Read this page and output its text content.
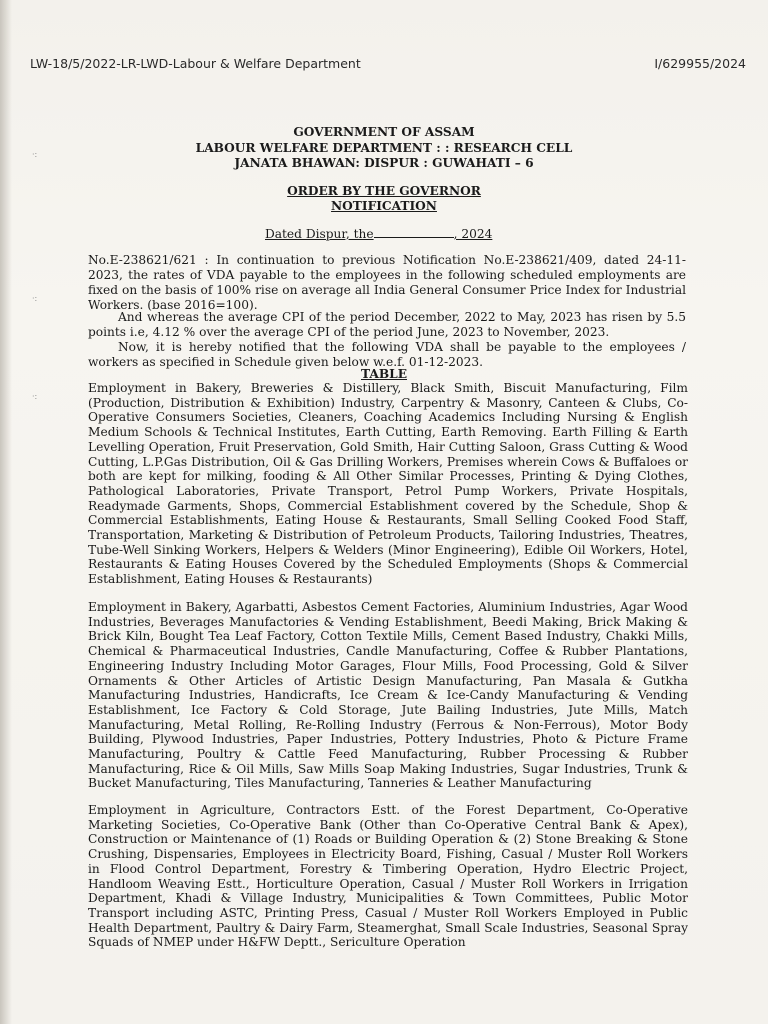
·:
·:
·:
LW-18/5/2022-LR-LWD-Labour & Welfare Department	I/629955/2024
GOVERNMENT OF ASSAM
LABOUR WELFARE DEPARTMENT : : RESEARCH CELL
JANATA BHAWAN: DISPUR : GUWAHATI – 6
ORDER BY THE GOVERNOR
NOTIFICATION
Dated Dispur, the	, 2024
No.E-238621/621 : In continuation to previous Notification No.E-238621/409, dated 24-11-2023, the rates of VDA payable to the employees in the following scheduled employments are fixed on the basis of 100% rise on average all India General Consumer Price Index for Industrial Workers. (base 2016=100).
And whereas the average CPI of the period December, 2022 to May, 2023 has risen by 5.5 points i.e, 4.12 % over the average CPI of the period June, 2023 to November, 2023.
Now, it is hereby notified that the following VDA shall be payable to the employees / workers as specified in Schedule given below w.e.f. 01-12-2023.
TABLE
Employment in Bakery, Breweries & Distillery, Black Smith, Biscuit Manufacturing, Film (Production, Distribution & Exhibition) Industry, Carpentry & Masonry, Canteen & Clubs, Co-Operative Consumers Societies, Cleaners, Coaching Academics Including Nursing & English Medium Schools & Technical Institutes, Earth Cutting, Earth Removing. Earth Filling & Earth Levelling Operation, Fruit Preservation, Gold Smith, Hair Cutting Saloon, Grass Cutting & Wood Cutting, L.P.Gas Distribution, Oil & Gas Drilling Workers, Premises wherein Cows & Buffaloes or both are kept for milking, fooding & All Other Similar Processes, Printing & Dying Clothes, Pathological Laboratories, Private Transport, Petrol Pump Workers, Private Hospitals, Readymade Garments, Shops, Commercial Establishment covered by the Schedule, Shop & Commercial Establishments, Eating House & Restaurants, Small Selling Cooked Food Staff, Transportation, Marketing & Distribution of Petroleum Products, Tailoring Industries, Theatres, Tube-Well Sinking Workers, Helpers & Welders (Minor Engineering), Edible Oil Workers, Hotel, Restaurants & Eating Houses Covered by the Scheduled Employments (Shops & Commercial Establishment, Eating Houses & Restaurants)
Employment in Bakery, Agarbatti, Asbestos Cement Factories, Aluminium Industries, Agar Wood Industries, Beverages Manufactories & Vending Establishment, Beedi Making, Brick Making & Brick Kiln, Bought Tea Leaf Factory, Cotton Textile Mills, Cement Based Industry, Chakki Mills, Chemical & Pharmaceutical Industries, Candle Manufacturing, Coffee & Rubber Plantations, Engineering Industry Including Motor Garages, Flour Mills, Food Processing, Gold & Silver Ornaments & Other Articles of Artistic Design Manufacturing, Pan Masala & Gutkha Manufacturing Industries, Handicrafts, Ice Cream & Ice-Candy Manufacturing & Vending Establishment, Ice Factory & Cold Storage, Jute Bailing Industries, Jute Mills, Match Manufacturing, Metal Rolling, Re-Rolling Industry (Ferrous & Non-Ferrous), Motor Body Building, Plywood Industries, Paper Industries, Pottery Industries, Photo & Picture Frame Manufacturing, Poultry & Cattle Feed Manufacturing, Rubber Processing & Rubber Manufacturing, Rice & Oil Mills, Saw Mills Soap Making Industries, Sugar Industries, Trunk & Bucket Manufacturing, Tiles Manufacturing, Tanneries & Leather Manufacturing
Employment in Agriculture, Contractors Estt. of the Forest Department, Co-Operative Marketing Societies, Co-Operative Bank (Other than Co-Operative Central Bank & Apex), Construction or Maintenance of (1) Roads or Building Operation & (2) Stone Breaking & Stone Crushing, Dispensaries, Employees in Electricity Board, Fishing, Casual / Muster Roll Workers in Flood Control Department, Forestry & Timbering Operation, Hydro Electric Project, Handloom Weaving Estt., Horticulture Operation, Casual / Muster Roll Workers in Irrigation Department, Khadi & Village Industry, Municipalities & Town Committees, Public Motor Transport including ASTC, Printing Press, Casual / Muster Roll Workers Employed in Public Health Department, Paultry & Dairy Farm, Steamerghat, Small Scale Industries, Seasonal Spray Squads of NMEP under H&FW Deptt., Sericulture Operation
